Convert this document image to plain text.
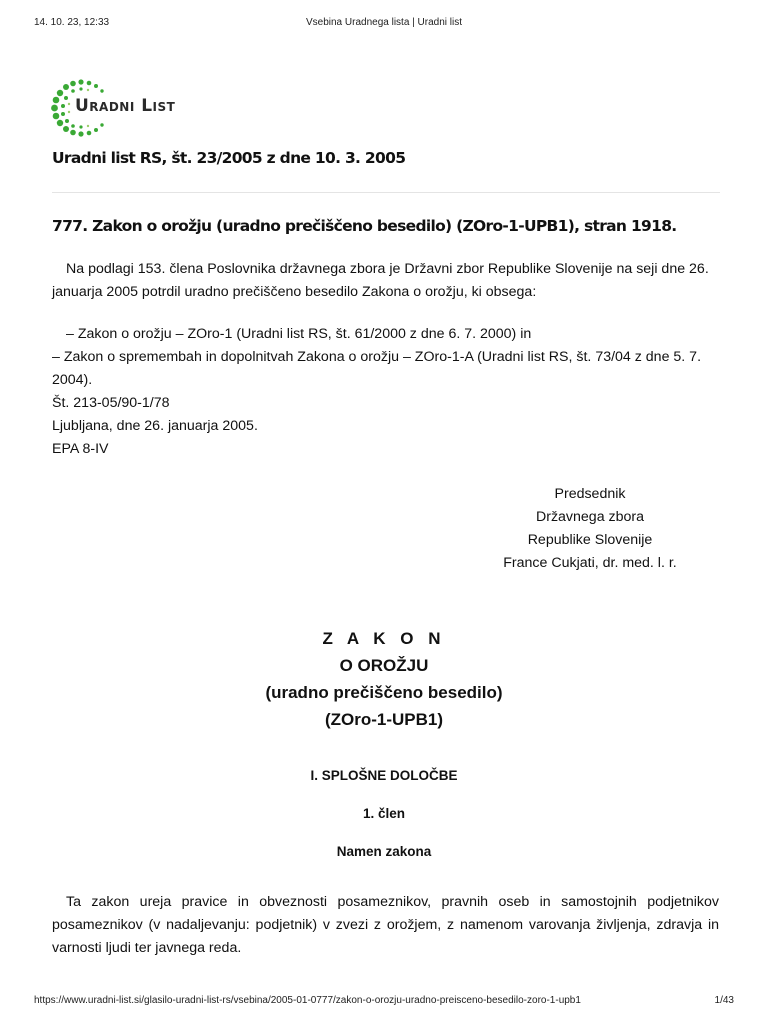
14. 10. 23, 12:33	Vsebina Uradnega lista | Uradni list
Uradni List
Uradni list RS, št. 23/2005 z dne 10. 3. 2005
777. Zakon o orožju (uradno prečiščeno besedilo) (ZOro-1-UPB1), stran 1918.
Na podlagi 153. člena Poslovnika državnega zbora je Državni zbor Republike Slovenije na seji dne 26. januarja 2005 potrdil uradno prečiščeno besedilo Zakona o orožju, ki obsega:
– Zakon o orožju – ZOro-1 (Uradni list RS, št. 61/2000 z dne 6. 7. 2000) in
– Zakon o spremembah in dopolnitvah Zakona o orožju – ZOro-1-A (Uradni list RS, št. 73/04 z dne 5. 7. 2004).
Št. 213-05/90-1/78
Ljubljana, dne 26. januarja 2005.
EPA 8-IV
Predsednik
Državnega zbora
Republike Slovenije
France Cukjati, dr. med. l. r.
Z A K O N
O OROŽJU
(uradno prečiščeno besedilo)
(ZOro-1-UPB1)
I. SPLOŠNE DOLOČBE
1. člen
Namen zakona
Ta zakon ureja pravice in obveznosti posameznikov, pravnih oseb in samostojnih podjetnikov posameznikov (v nadaljevanju: podjetnik) v zvezi z orožjem, z namenom varovanja življenja, zdravja in varnosti ljudi ter javnega reda.
https://www.uradni-list.si/glasilo-uradni-list-rs/vsebina/2005-01-0777/zakon-o-orozju-uradno-preisceno-besedilo-zoro-1-upb1	1/43
